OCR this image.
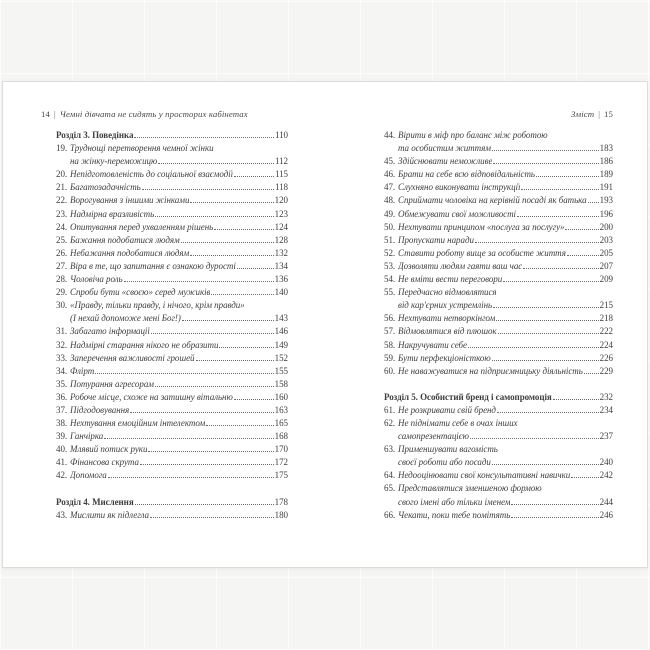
14 | Чемні дівчата не сидять у просторих кабінетах
Розділ 3. Поведінка	110
19. Труднощі перетворення чемної жінки
на жінку-переможицю	112
20. Непідготовленість до соціальної взаємодії	115
21. Багатозадачність	118
22. Ворогування з іншими жінками	120
23. Надмірна вразливість	123
24. Опитування перед ухваленням рішень	124
25. Бажання подобатися людям	128
26. Небажання подобатися людям	132
27. Віра в те, що запитання є ознакою дурості	134
28. Чоловіча роль	136
29. Спроби бути «своєю» серед мужиків	140
30. «Правду, тільки правду, і нічого, крім правди»
(І нехай допоможе мені Бог!)	143
31. Забагато інформації	146
32. Надмірні старання нікого не образити	149
33. Заперечення важливості грошей	152
34. Флірт	155
35. Потурання агресорам	158
36. Робоче місце, схоже на затишну вітальню	160
37. Підгодовування	163
38. Нехтування емоційним інтелектом	165
39. Ганчірка	168
40. Млявий потиск руки	170
41. Фінансова скрута	172
42. Допомога	175
Розділ 4. Мислення	178
43. Мислити як підлегла	180
Зміст | 15
44. Вірити в міф про баланс між роботою
та особистим життям	183
45. Здійснювати неможливе	186
46. Брати на себе всю відповідальність	189
47. Слухняно виконувати інструкції	191
48. Сприймати чоловіка на керівній посаді як батька 193
49. Обмежувати свої можливості	196
50. Нехтувати принципом «послуга за послугу»	200
51. Пропускати наради	203
52. Ставити роботу вище за особисте життя	205
53. Дозволяти людям гаяти ваш час	207
54. Не вміти вести переговори	209
55. Передчасно відмовлятися
від кар'єрних устремлінь	215
56. Нехтувати нетворкінгом	218
57. Відмовлятися від плюшок	222
58. Накручувати себе	224
59. Бути перфекціоністкою	226
60. Не наважуватися на підприємницьку діяльність 229
Розділ 5. Особистий бренд і самопромоція	232
61. Не розкривати свій бренд	234
62. Не піднімати себе в очах інших
самопрезентацією	237
63. Применшувати вагомість
своєї роботи або посади	240
64. Недооцінювати свої консультативні навички	242
65. Представлятися зменшеною формою
свого імені або тільки іменем	244
66. Чекати, поки тебе помітять	246
